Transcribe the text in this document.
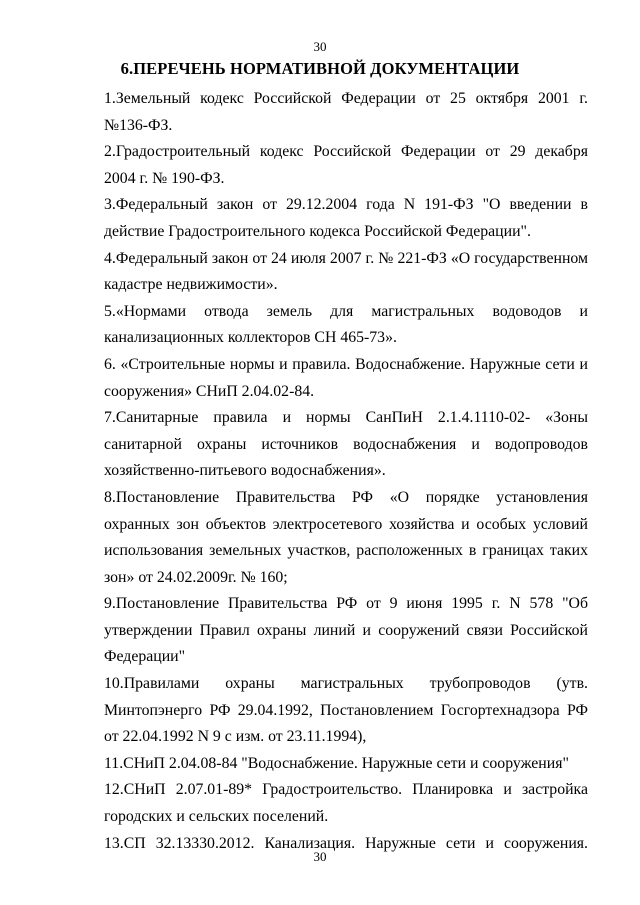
30
6.ПЕРЕЧЕНЬ НОРМАТИВНОЙ ДОКУМЕНТАЦИИ

1.Земельный кодекс Российской Федерации от 25 октября 2001 г. №136-ФЗ.

2.Градостроительный кодекс Российской Федерации от 29 декабря 2004 г. № 190-ФЗ.

3.Федеральный закон от 29.12.2004 года N 191-ФЗ "О введении в действие Градостроительного кодекса Российской Федерации".

4.Федеральный закон от 24 июля 2007 г. № 221-ФЗ «О государственном кадастре недвижимости».

5.«Нормами отвода земель для магистральных водоводов и канализационных коллекторов СН 465-73».

6. «Строительные нормы и правила. Водоснабжение. Наружные сети и сооружения» СНиП 2.04.02-84.

7.Санитарные правила и нормы СанПиН 2.1.4.1110-02- «Зоны санитарной охраны источников водоснабжения и водопроводов хозяйственно-питьевого водоснабжения».

8.Постановление Правительства РФ «О порядке установления охранных зон объектов электросетевого хозяйства и особых условий использования земельных участков, расположенных в границах таких зон» от 24.02.2009г. № 160;

9.Постановление Правительства РФ от 9 июня 1995 г. N 578 "Об утверждении Правил охраны линий и сооружений связи Российской Федерации"

10.Правилами охраны магистральных трубопроводов (утв. Минтопэнерго РФ 29.04.1992, Постановлением Госгортехнадзора РФ от 22.04.1992 N 9 с изм. от 23.11.1994),

11.СНиП 2.04.08-84 "Водоснабжение. Наружные сети и сооружения"

12.СНиП 2.07.01-89* Градостроительство. Планировка и застройка городских и сельских поселений.

13.СП 32.13330.2012. Канализация. Наружные сети и сооружения.

30
